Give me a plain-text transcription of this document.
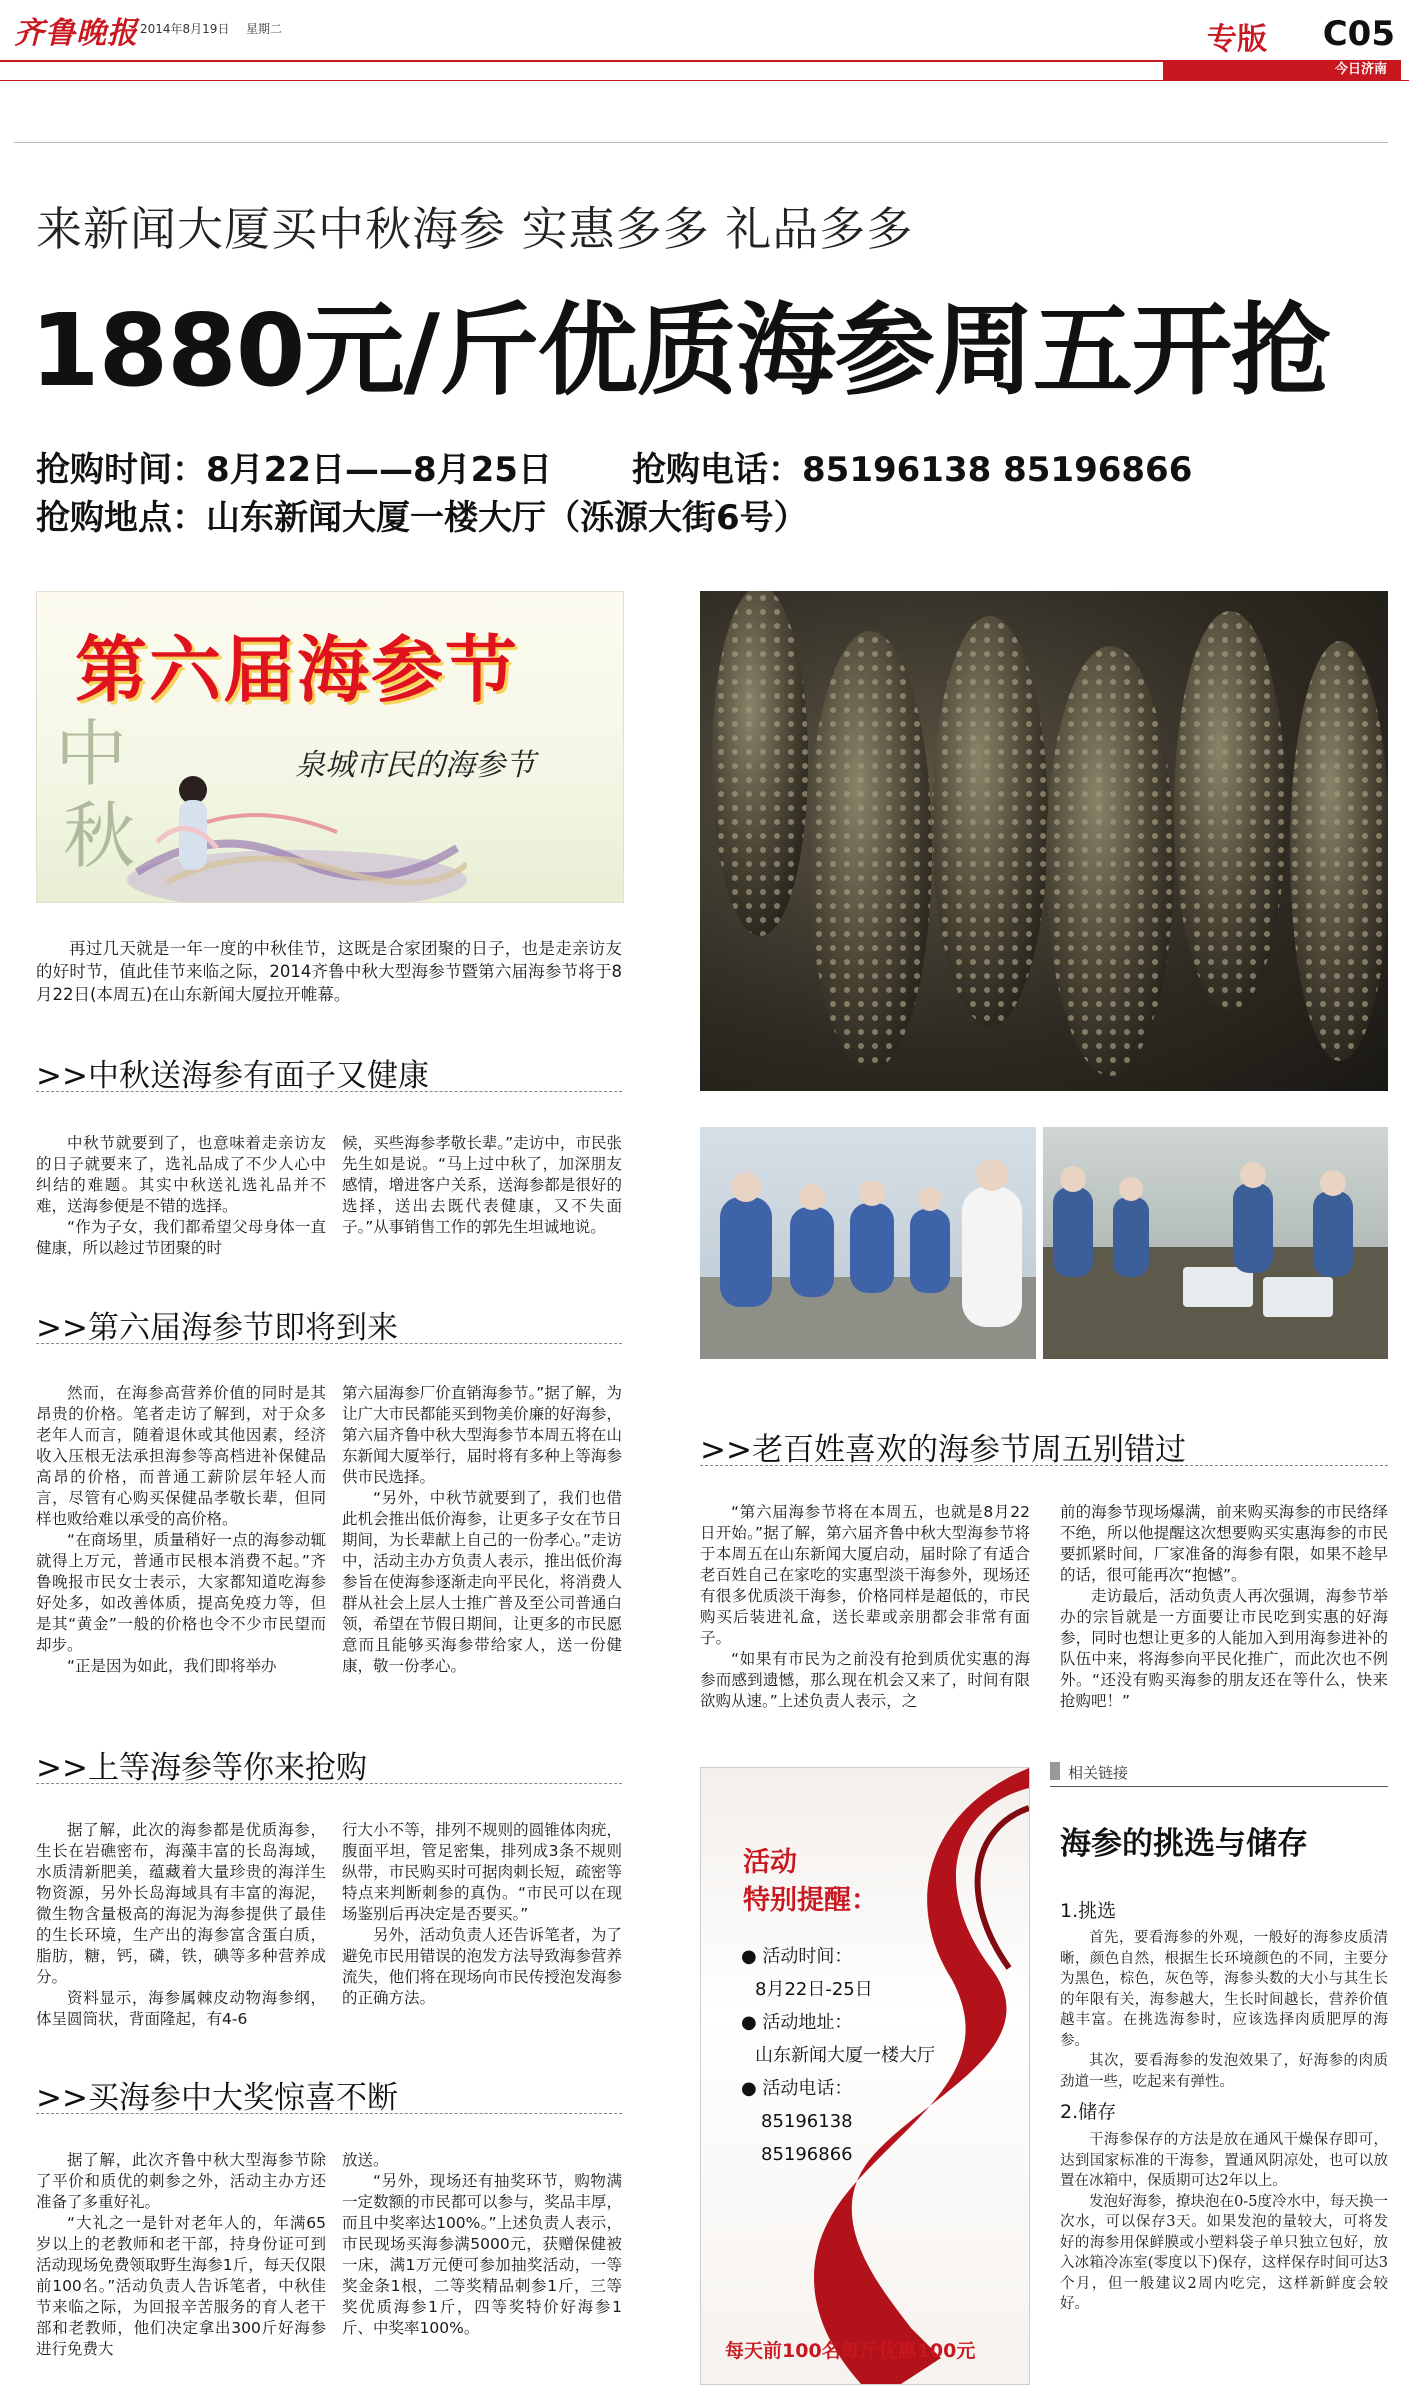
齐鲁晚报 2014年8月19日 星期二	专版 C05
今日济南
来新闻大厦买中秋海参 实惠多多 礼品多多
1880元/斤优质海参周五开抢
抢购时间：8月22日——8月25日 抢购电话：85196138 85196866
抢购地点：山东新闻大厦一楼大厅（泺源大街6号）
中
秋
第六届海参节
泉城市民的海参节

再过几天就是一年一度的中秋佳节，这既是合家团聚的日子，也是走亲访友的好时节，值此佳节来临之际，2014齐鲁中秋大型海参节暨第六届海参节将于8月22日(本周五)在山东新闻大厦拉开帷幕。

>>中秋送海参有面子又健康

中秋节就要到了，也意味着走亲访友的日子就要来了，选礼品成了不少人心中纠结的难题。其实中秋送礼选礼品并不难，送海参便是不错的选择。

“作为子女，我们都希望父母身体一直健康，所以趁过节团聚的时

候，买些海参孝敬长辈。”走访中，市民张先生如是说。“马上过中秋了，加深朋友感情，增进客户关系，送海参都是很好的选择，送出去既代表健康，又不失面子。”从事销售工作的郭先生坦诚地说。

>>第六届海参节即将到来

然而，在海参高营养价值的同时是其昂贵的价格。笔者走访了解到，对于众多老年人而言，随着退休或其他因素，经济收入压根无法承担海参等高档进补保健品高昂的价格，而普通工薪阶层年轻人而言，尽管有心购买保健品孝敬长辈，但同样也败给难以承受的高价格。

“在商场里，质量稍好一点的海参动辄就得上万元，普通市民根本消费不起。”齐鲁晚报市民女士表示，大家都知道吃海参好处多，如改善体质，提高免疫力等，但是其“黄金”一般的价格也令不少市民望而却步。

“正是因为如此，我们即将举办

第六届海参厂价直销海参节。”据了解，为让广大市民都能买到物美价廉的好海参，第六届齐鲁中秋大型海参节本周五将在山东新闻大厦举行，届时将有多种上等海参供市民选择。

“另外，中秋节就要到了，我们也借此机会推出低价海参，让更多子女在节日期间，为长辈献上自己的一份孝心。”走访中，活动主办方负责人表示，推出低价海参旨在使海参逐渐走向平民化，将消费人群从社会上层人士推广普及至公司普通白领，希望在节假日期间，让更多的市民愿意而且能够买海参带给家人，送一份健康，敬一份孝心。

>>上等海参等你来抢购

据了解，此次的海参都是优质海参，生长在岩礁密布，海藻丰富的长岛海域，水质清新肥美，蕴藏着大量珍贵的海洋生物资源，另外长岛海域具有丰富的海泥，微生物含量极高的海泥为海参提供了最佳的生长环境，生产出的海参富含蛋白质，脂肪，糖，钙，磷，铁，碘等多种营养成分。

资料显示，海参属棘皮动物海参纲，体呈圆筒状，背面隆起，有4-6

行大小不等，排列不规则的圆锥体肉疣，腹面平坦，管足密集，排列成3条不规则纵带，市民购买时可据肉刺长短，疏密等特点来判断刺参的真伪。“市民可以在现场鉴别后再决定是否要买。”

另外，活动负责人还告诉笔者，为了避免市民用错误的泡发方法导致海参营养流失，他们将在现场向市民传授泡发海参的正确方法。

>>买海参中大奖惊喜不断

据了解，此次齐鲁中秋大型海参节除了平价和质优的刺参之外，活动主办方还准备了多重好礼。

“大礼之一是针对老年人的，年满65岁以上的老教师和老干部，持身份证可到活动现场免费领取野生海参1斤，每天仅限前100名。”活动负责人告诉笔者，中秋佳节来临之际，为回报辛苦服务的育人老干部和老教师，他们决定拿出300斤好海参进行免费大

放送。

“另外，现场还有抽奖环节，购物满一定数额的市民都可以参与，奖品丰厚，而且中奖率达100%。”上述负责人表示，市民现场买海参满5000元，获赠保健被一床，满1万元便可参加抽奖活动，一等奖金条1根，二等奖精品刺参1斤，三等奖优质海参1斤，四等奖特价好海参1斤、中奖率100%。

>>老百姓喜欢的海参节周五别错过

“第六届海参节将在本周五，也就是8月22日开始。”据了解，第六届齐鲁中秋大型海参节将于本周五在山东新闻大厦启动，届时除了有适合老百姓自己在家吃的实惠型淡干海参外，现场还有很多优质淡干海参，价格同样是超低的，市民购买后装进礼盒，送长辈或亲朋都会非常有面子。

“如果有市民为之前没有抢到质优实惠的海参而感到遗憾，那么现在机会又来了，时间有限欲购从速。”上述负责人表示，之

前的海参节现场爆满，前来购买海参的市民络绎不绝，所以他提醒这次想要购买实惠海参的市民要抓紧时间，厂家准备的海参有限，如果不趁早的话，很可能再次“抱憾”。

走访最后，活动负责人再次强调，海参节举办的宗旨就是一方面要让市民吃到实惠的好海参，同时也想让更多的人能加入到用海参进补的队伍中来，将海参向平民化推广，而此次也不例外。“还没有购买海参的朋友还在等什么，快来抢购吧！”

活动
特别提醒：
● 活动时间：
8月22日-25日
● 活动地址：
山东新闻大厦一楼大厅
● 活动电话：
85196138
85196866
每天前100名每斤优惠100元
相关链接
海参的挑选与储存
1.挑选

首先，要看海参的外观，一般好的海参皮质清晰，颜色自然，根据生长环境颜色的不同，主要分为黑色，棕色，灰色等，海参头数的大小与其生长的年限有关，海参越大，生长时间越长，营养价值越丰富。在挑选海参时，应该选择肉质肥厚的海参。

其次，要看海参的发泡效果了，好海参的肉质劲道一些，吃起来有弹性。

2.储存

干海参保存的方法是放在通风干燥保存即可，达到国家标准的干海参，置通风阴凉处，也可以放置在冰箱中，保质期可达2年以上。

发泡好海参，撩块泡在0-5度冷水中，每天换一次水，可以保存3天。如果发泡的量较大，可将发好的海参用保鲜膜或小塑料袋子单只独立包好，放入冰箱冷冻室(零度以下)保存，这样保存时间可达3个月，但一般建议2周内吃完，这样新鲜度会较好。
